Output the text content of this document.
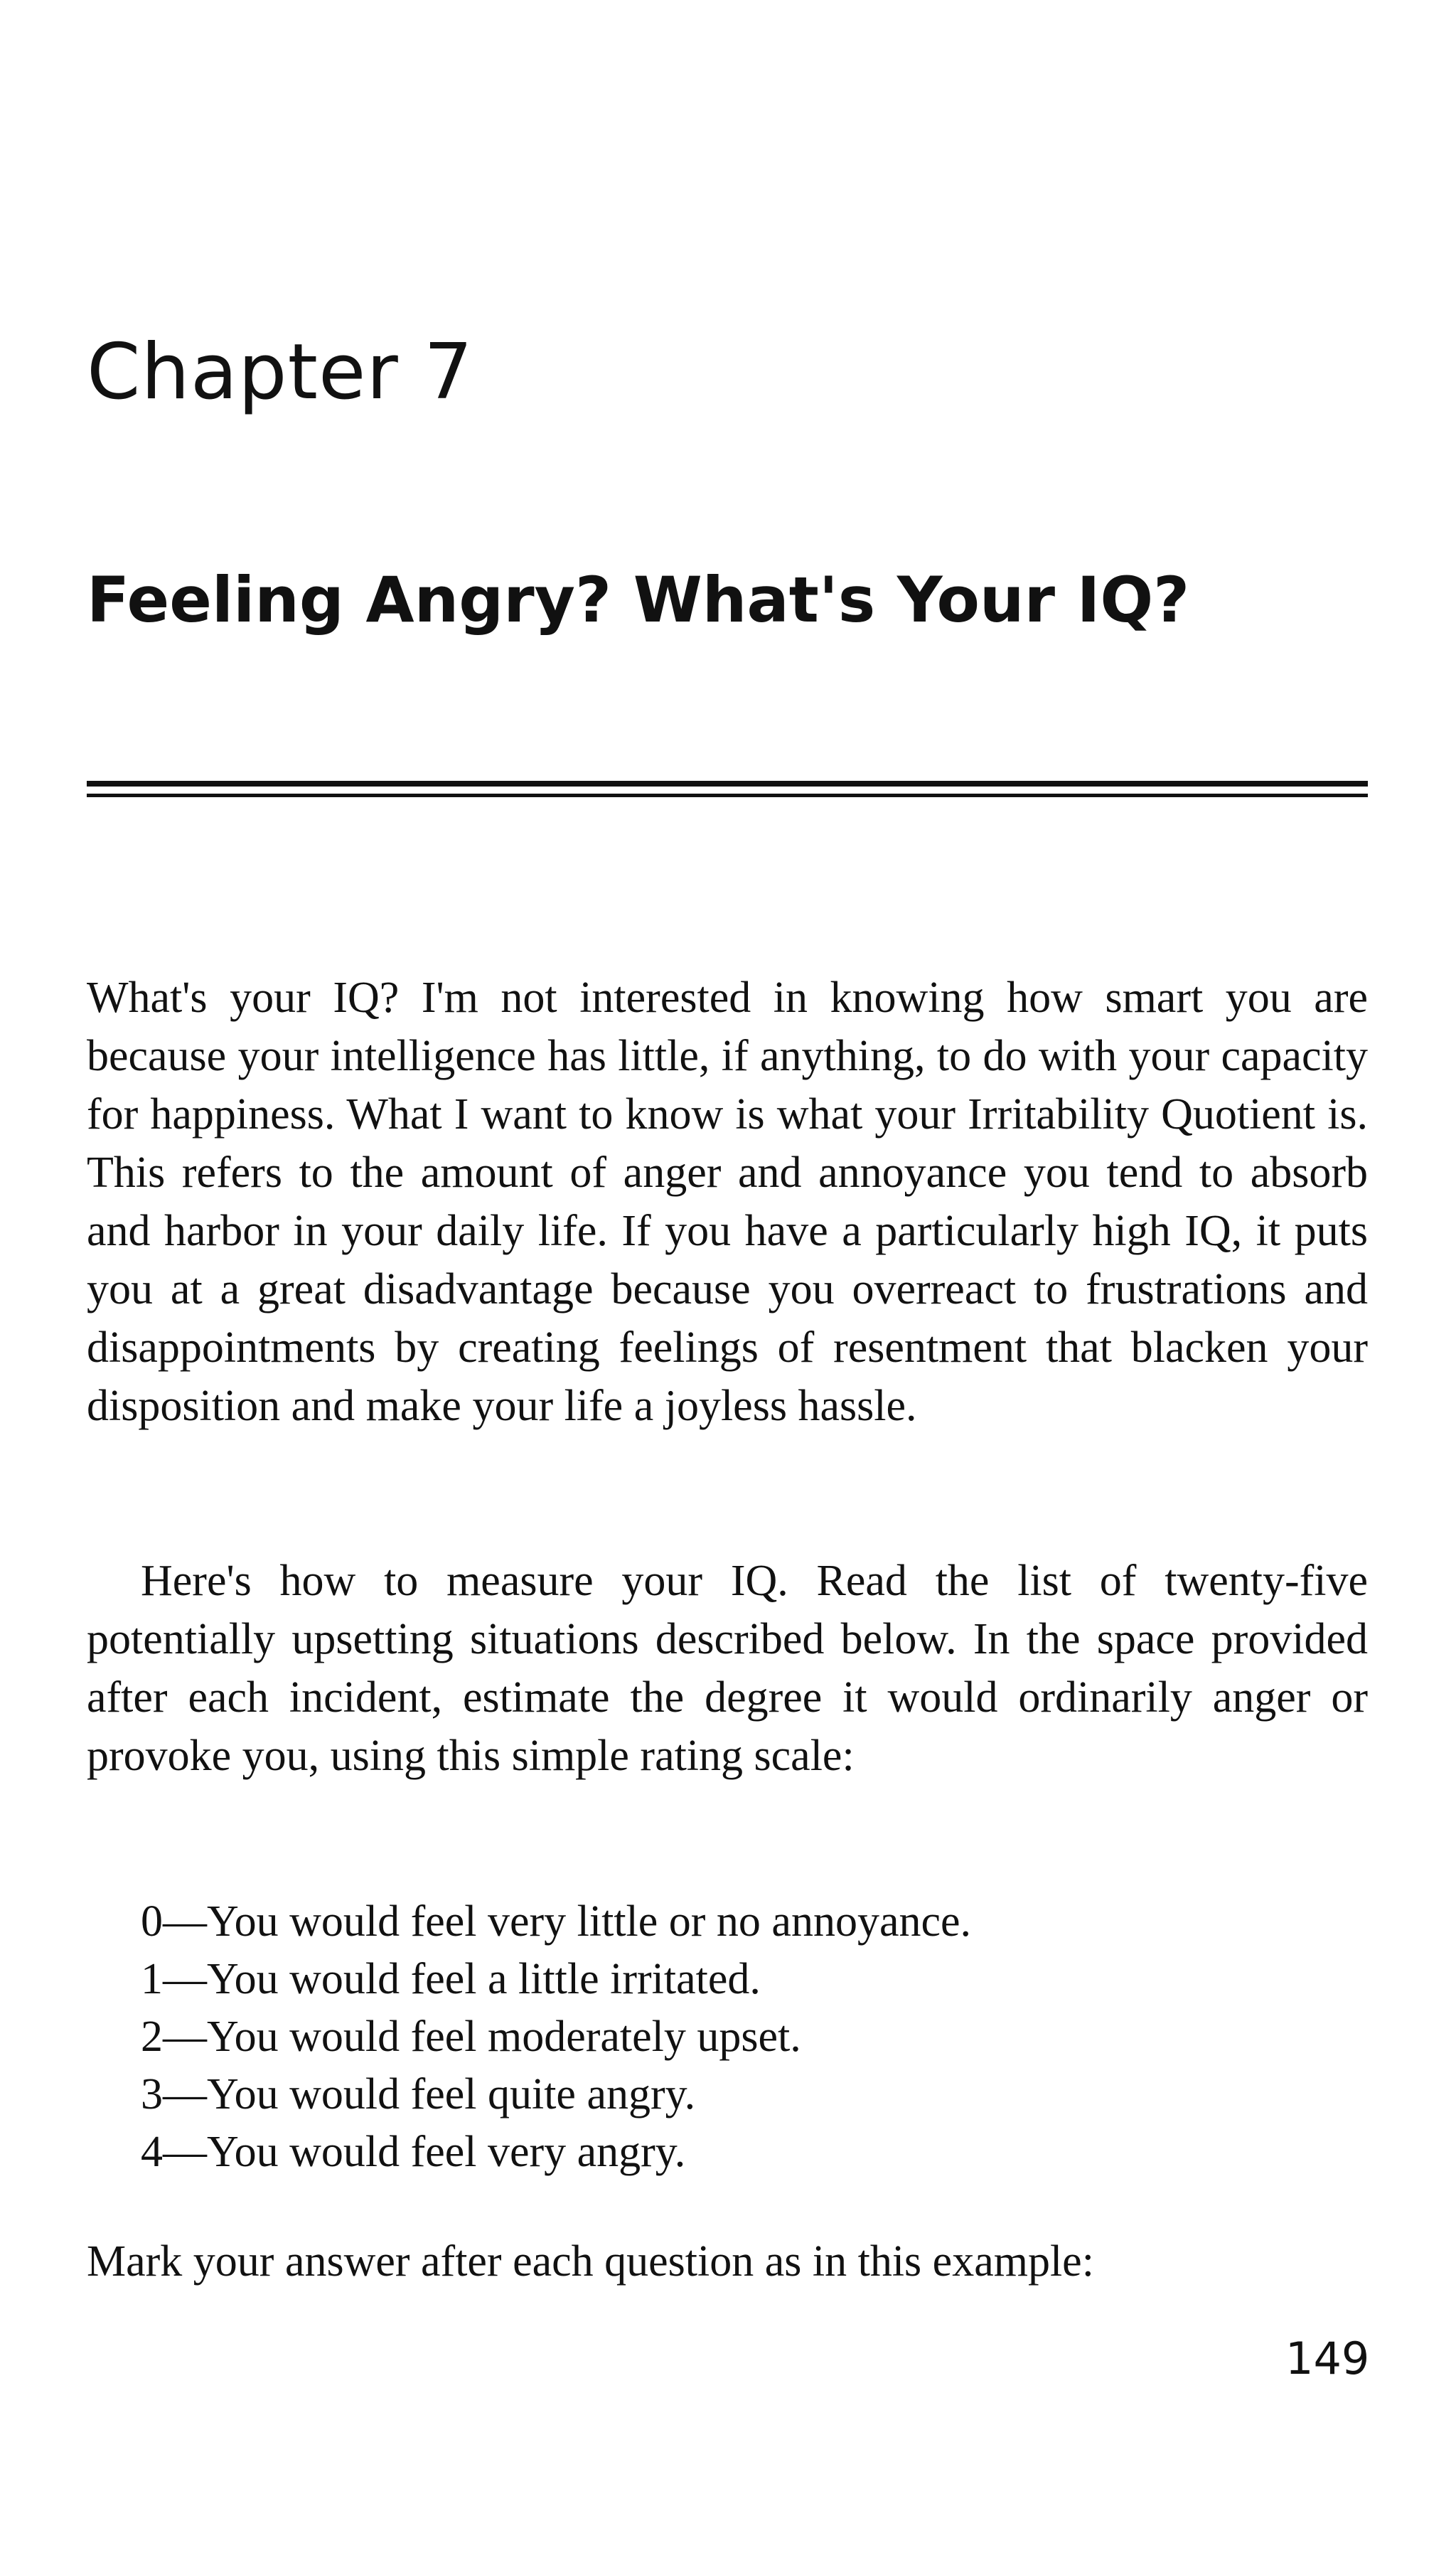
Chapter 7
Feeling Angry? What's Your IQ?

What's your IQ? I'm not interested in knowing how smart you are because your intelligence has little, if anything, to do with your capacity for happiness. What I want to know is what your Irritability Quotient is. This refers to the amount of anger and annoyance you tend to absorb and harbor in your daily life. If you have a particularly high IQ, it puts you at a great disadvantage because you overreact to frustrations and disappointments by creating feelings of resentment that blacken your disposition and make your life a joyless hassle.

Here's how to measure your IQ. Read the list of twenty-five potentially upsetting situations described below. In the space provided after each incident, estimate the degree it would ordinarily anger or provoke you, using this simple rating scale:

0—You would feel very little or no annoyance.
1—You would feel a little irritated.
2—You would feel moderately upset.
3—You would feel quite angry.
4—You would feel very angry.

Mark your answer after each question as in this example:

149
